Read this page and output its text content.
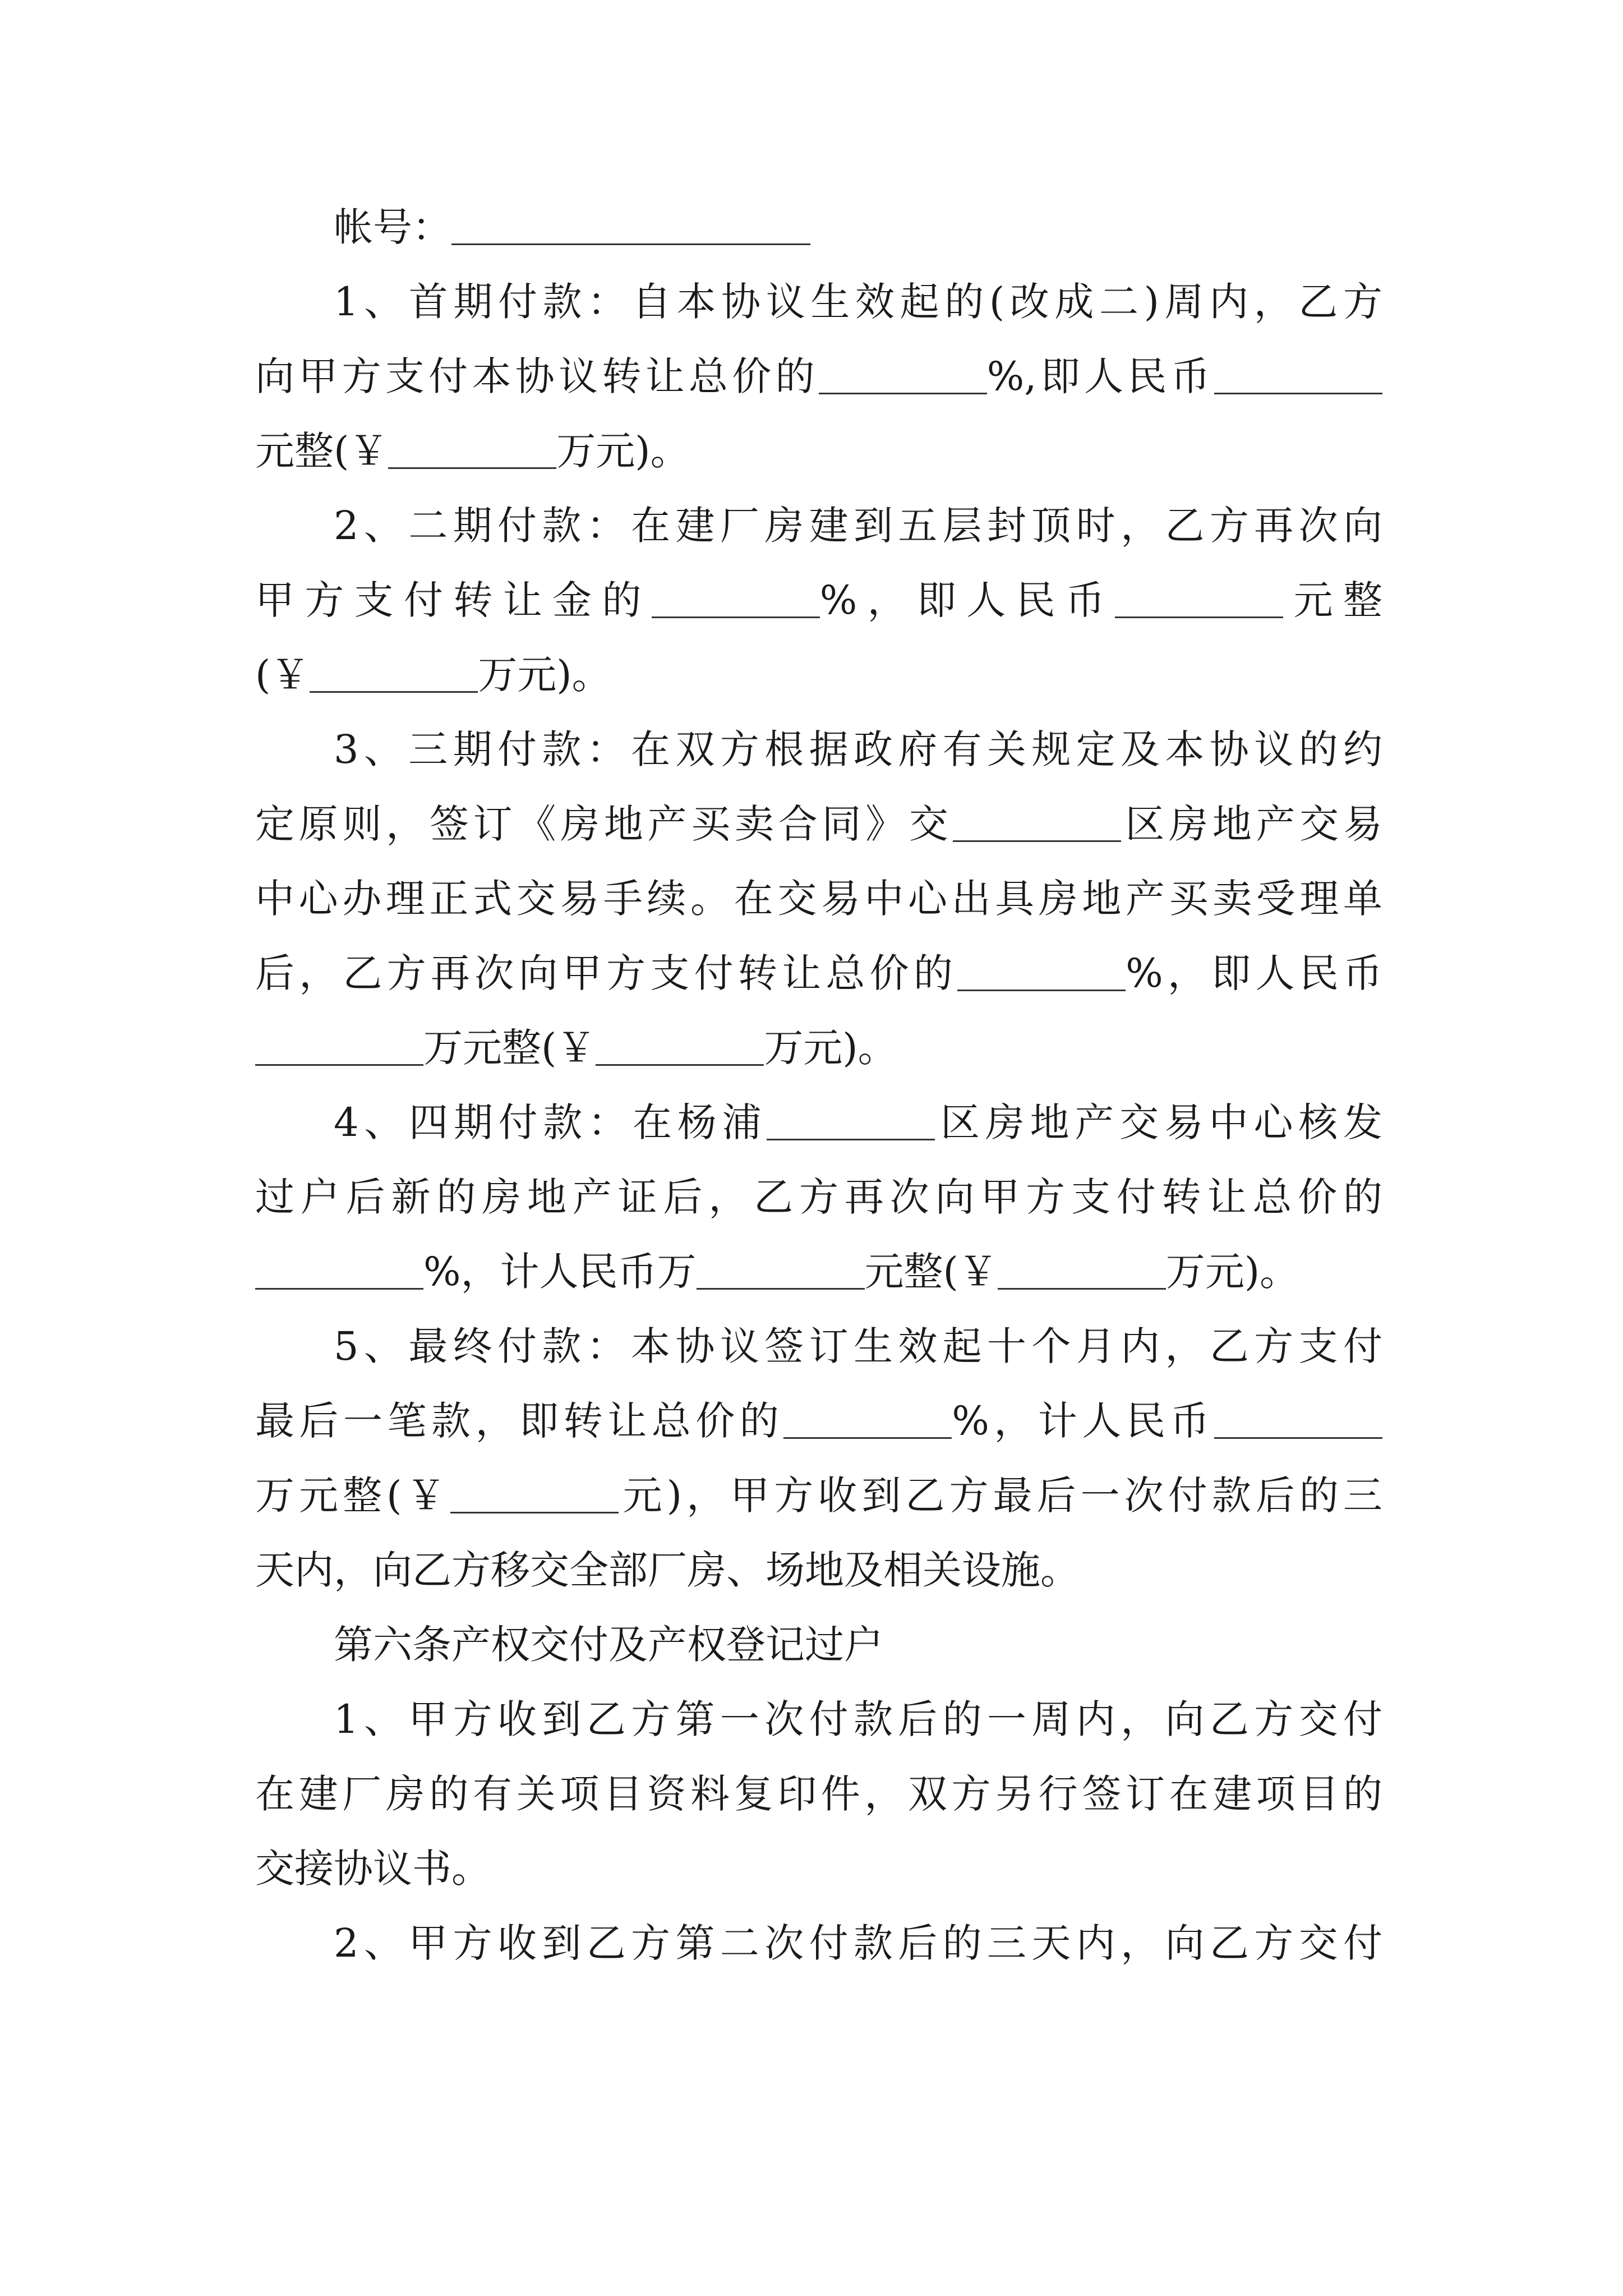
帐号：
1、首期付款：自本协议生效起的(改成二)周内，乙方
向甲方支付本协议转让总价的	%,即人民币
元整(￥	万元)。
2、二期付款：在建厂房建到五层封顶时，乙方再次向
甲方支付转让金的	%，即人民币	元整
(￥	万元)。
3、三期付款：在双方根据政府有关规定及本协议的约
定原则，签订《房地产买卖合同》交	区房地产交易
中心办理正式交易手续。在交易中心出具房地产买卖受理单
后，乙方再次向甲方支付转让总价的	%，即人民币
万元整(￥	万元)。
4、四期付款：在杨浦	区房地产交易中心核发
过户后新的房地产证后，乙方再次向甲方支付转让总价的
%，计人民币万	元整(￥	万元)。
5、最终付款：本协议签订生效起十个月内，乙方支付
最后一笔款，即转让总价的	%，计人民币
万元整(￥	元)，甲方收到乙方最后一次付款后的三
天内，向乙方移交全部厂房、场地及相关设施。
第六条产权交付及产权登记过户
1、甲方收到乙方第一次付款后的一周内，向乙方交付
在建厂房的有关项目资料复印件，双方另行签订在建项目的
交接协议书。
2、甲方收到乙方第二次付款后的三天内，向乙方交付
